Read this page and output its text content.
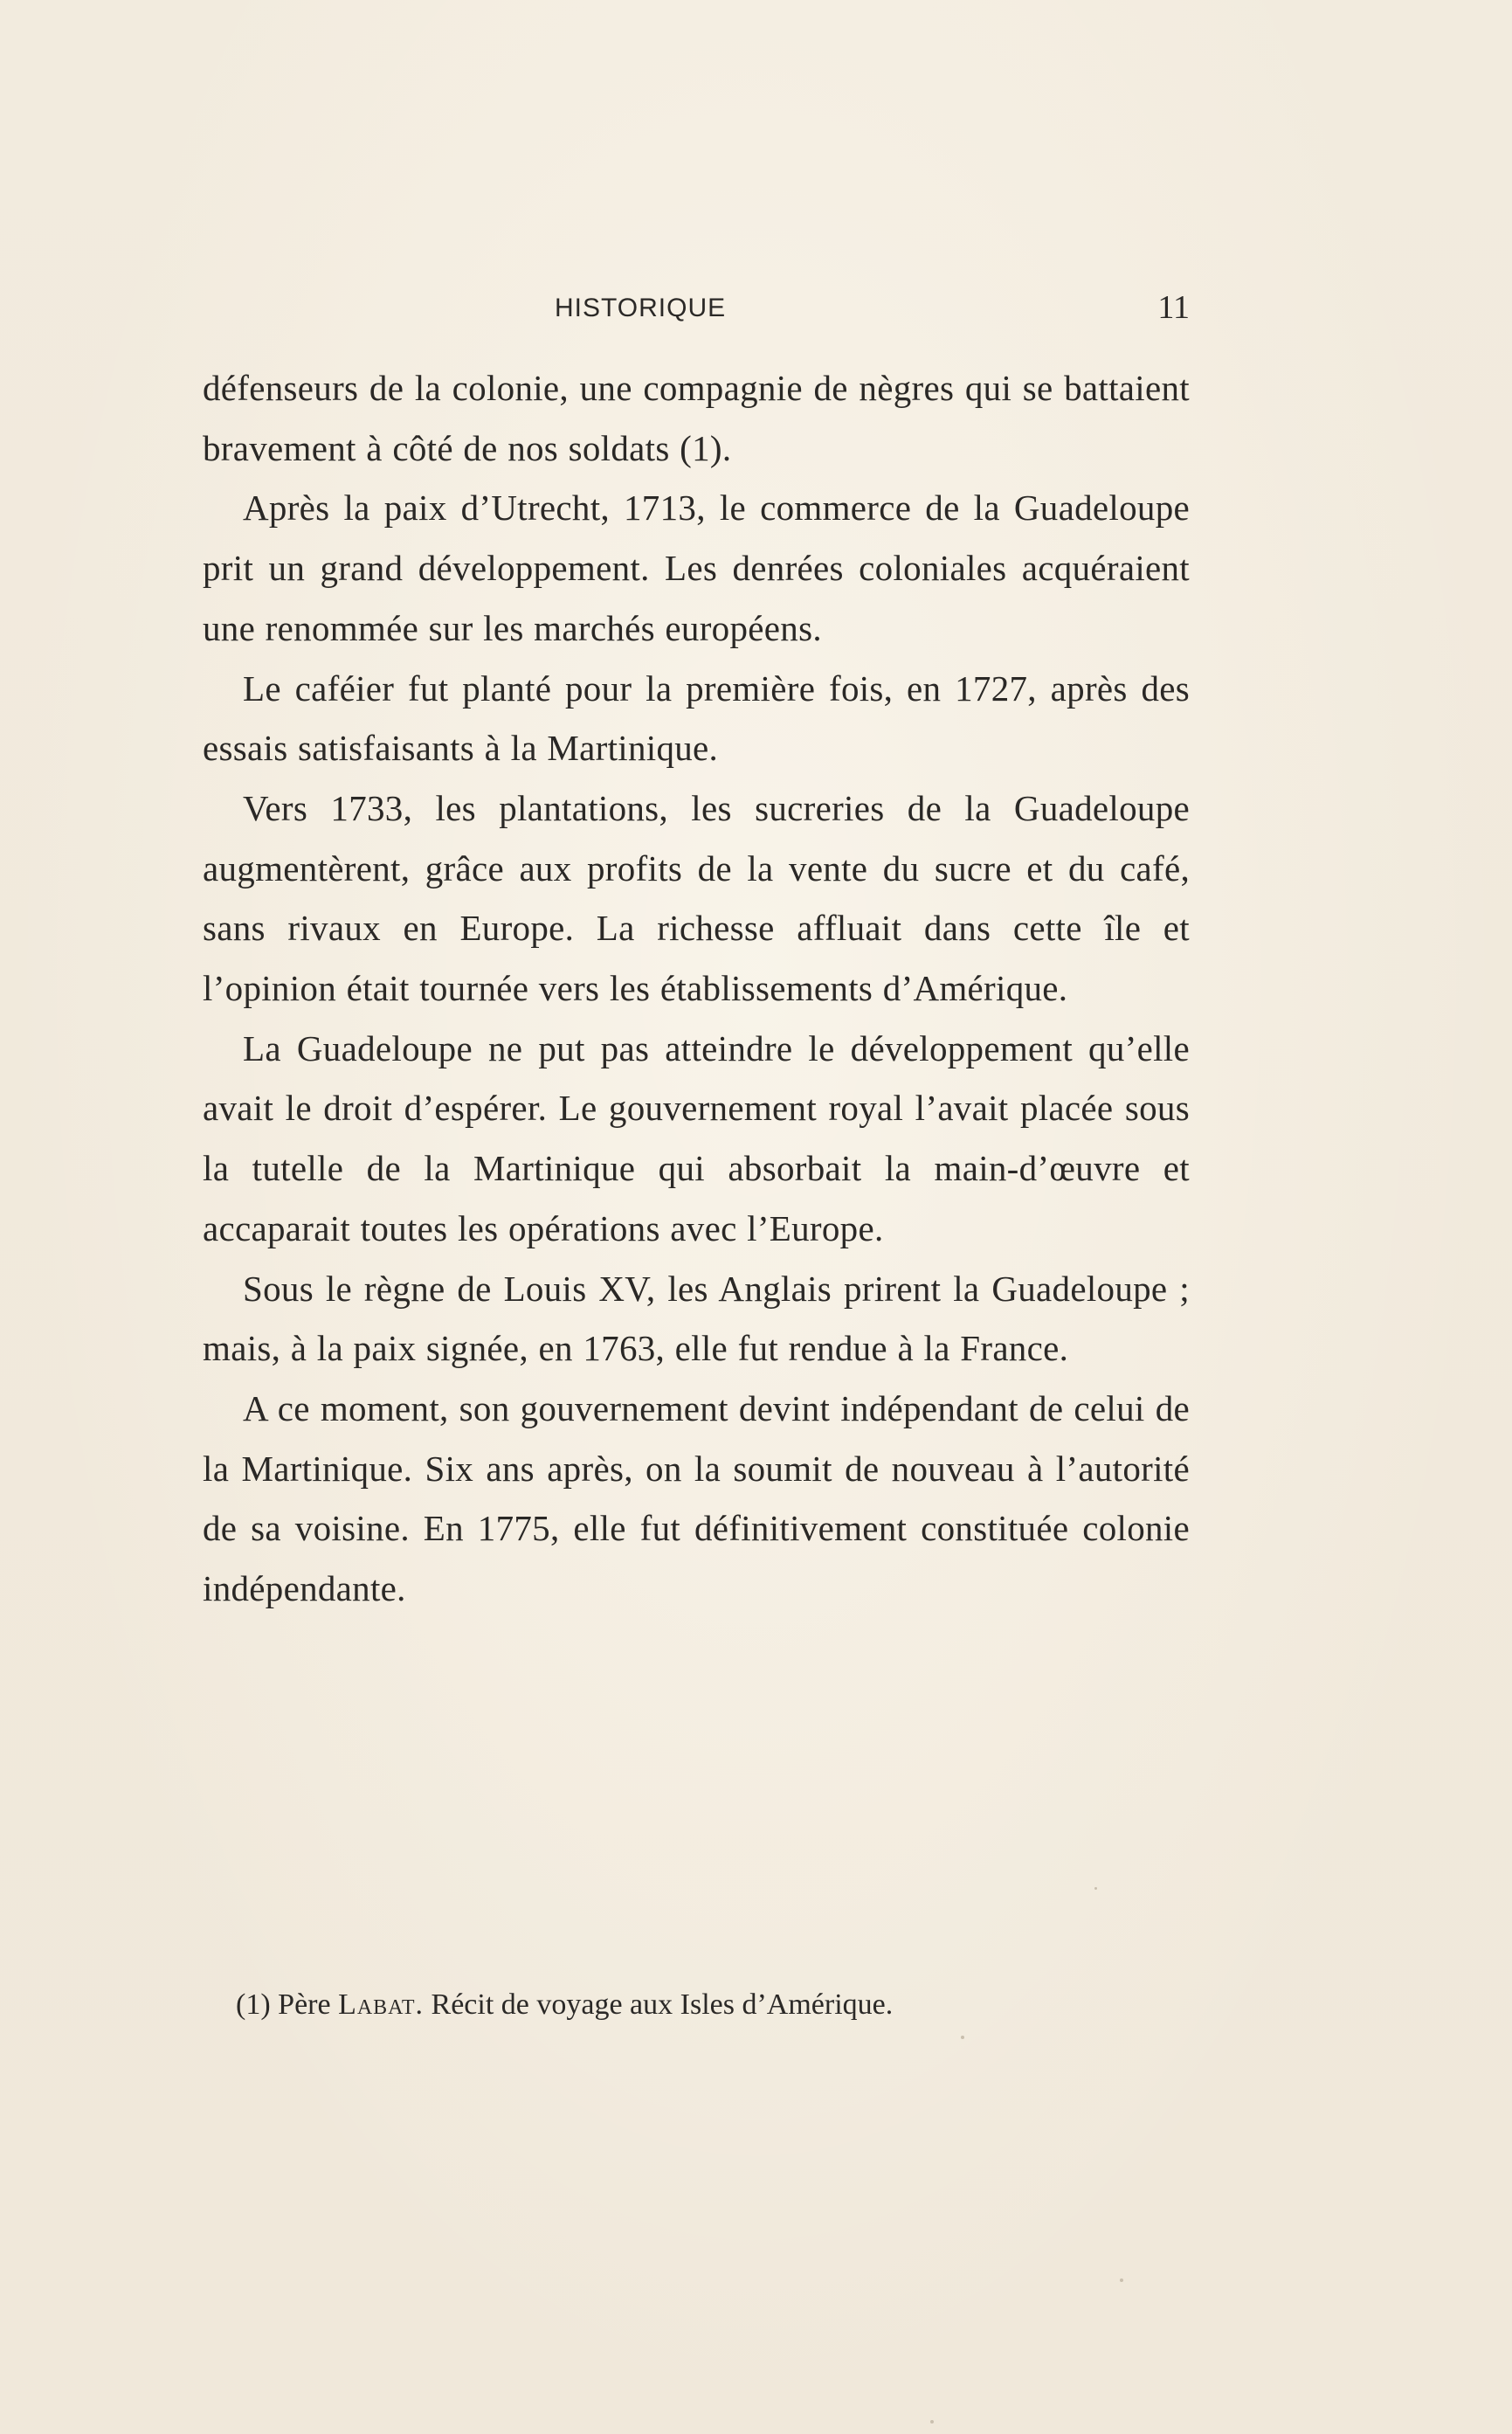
HISTORIQUE	11

défenseurs de la colonie, une compagnie de nègres qui se battaient bravement à côté de nos soldats (1).

Après la paix d’Utrecht, 1713, le commerce de la Guadeloupe prit un grand développement. Les denrées coloniales acquéraient une renommée sur les marchés européens.

Le caféier fut planté pour la première fois, en 1727, après des essais satisfaisants à la Martinique.

Vers 1733, les plantations, les sucreries de la Guadeloupe augmentèrent, grâce aux profits de la vente du sucre et du café, sans rivaux en Europe. La richesse affluait dans cette île et l’opinion était tournée vers les établissements d’Amérique.

La Guadeloupe ne put pas atteindre le développement qu’elle avait le droit d’espérer. Le gouvernement royal l’avait placée sous la tutelle de la Martinique qui absorbait la main-d’œuvre et accaparait toutes les opérations avec l’Europe.

Sous le règne de Louis XV, les Anglais prirent la Guadeloupe ; mais, à la paix signée, en 1763, elle fut rendue à la France.

A ce moment, son gouvernement devint indépendant de celui de la Martinique. Six ans après, on la soumit de nouveau à l’autorité de sa voisine. En 1775, elle fut définitivement constituée colonie indépendante.

(1) Père Labat. Récit de voyage aux Isles d’Amérique.
